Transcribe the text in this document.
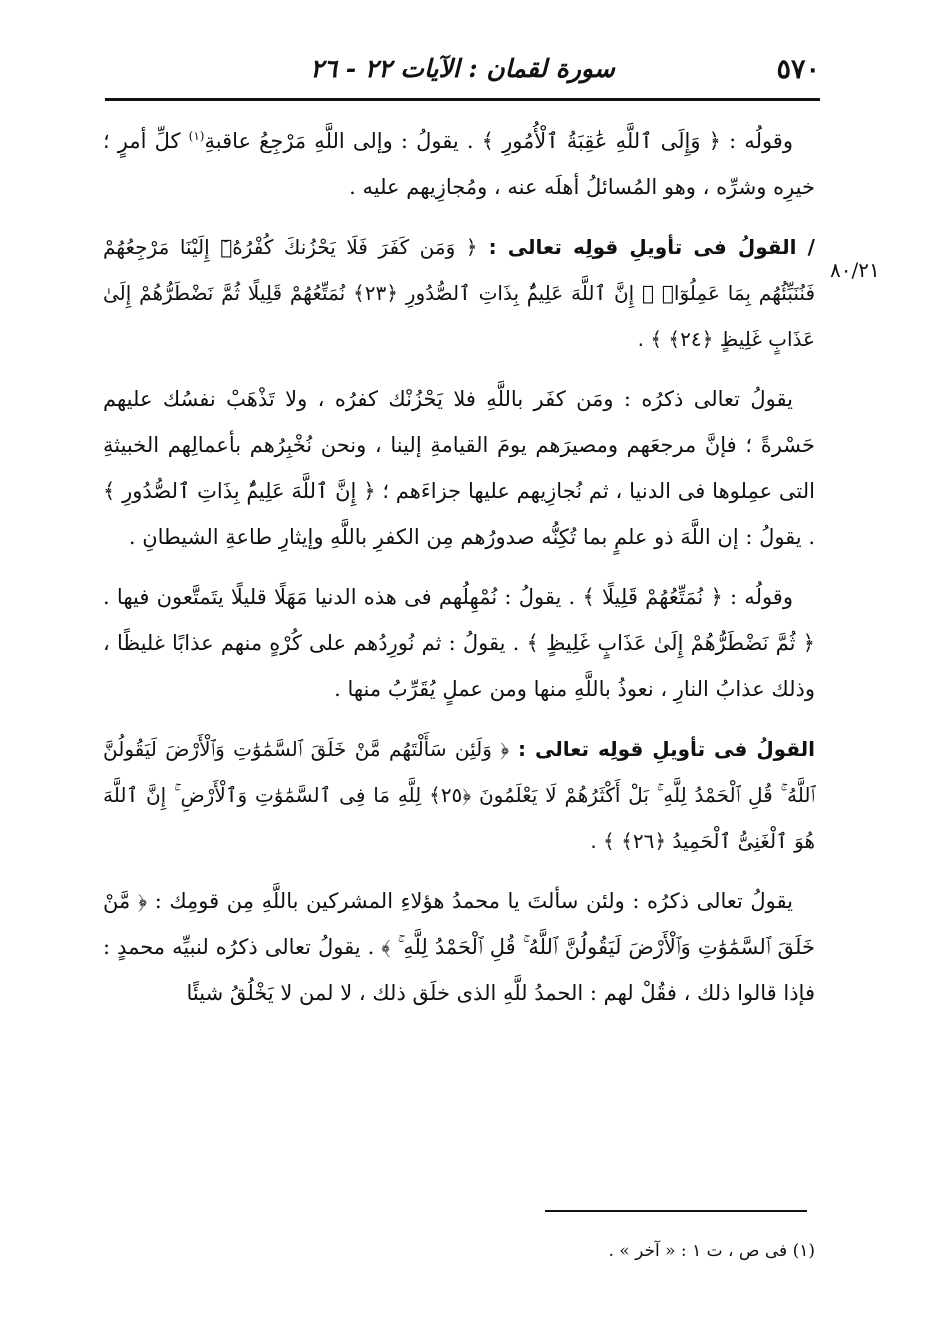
٥٧٠
سورة لقمان : الآيات ٢٢ - ٢٦
٨٠/٢١

وقولُه : ﴿ وَإِلَى ٱللَّهِ عَٰقِبَةُ ٱلْأُمُورِ ﴾ . يقولُ : وإلى اللَّهِ مَرْجِعُ عاقبةِ$^{(١)}$ كلِّ أمرٍ ؛ خيرِه وشرِّه ، وهو المُسائلُ أهلَه عنه ، ومُجازِيهم عليه .

/ القولُ فى تأويلِ قولِه تعالى : ﴿ وَمَن كَفَرَ فَلَا يَحْزُنكَ كُفْرُهُۥٓ إِلَيْنَا مَرْجِعُهُمْ فَنُنَبِّئُهُم بِمَا عَمِلُوٓا۟ ۚ إِنَّ ٱللَّهَ عَلِيمٌۢ بِذَاتِ ٱلصُّدُورِ ﴿٢٣﴾ نُمَتِّعُهُمْ قَلِيلًا ثُمَّ نَضْطَرُّهُمْ إِلَىٰ عَذَابٍ غَلِيظٍ ﴿٢٤﴾ ﴾ .

يقولُ تعالى ذكرُه : ومَن كفَر باللَّهِ فلا يَحْزُنْك كفرُه ، ولا تَذْهَبْ نفسُك عليهم حَسْرةً ؛ فإنَّ مرجعَهم ومصيرَهم يومَ القيامةِ إلينا ، ونحن نُخْبِرُهم بأعمالِهم الخبيثةِ التى عمِلوها فى الدنيا ، ثم نُجازِيهم عليها جزاءَهم ؛ ﴿ إِنَّ ٱللَّهَ عَلِيمٌۢ بِذَاتِ ٱلصُّدُورِ ﴾ . يقولُ : إن اللَّهَ ذو علمٍ بما تُكِنُّه صدورُهم مِن الكفرِ باللَّهِ وإيثارِ طاعةِ الشيطانِ .

وقولُه : ﴿ نُمَتِّعُهُمْ قَلِيلًا ﴾ . يقولُ : نُمْهِلُهم فى هذه الدنيا مَهَلًا قليلًا يتَمتَّعون فيها . ﴿ ثُمَّ نَضْطَرُّهُمْ إِلَىٰ عَذَابٍ غَلِيظٍ ﴾ . يقولُ : ثم نُورِدُهم على كُرْهٍ منهم عذابًا غليظًا ، وذلك عذابُ النارِ ، نعوذُ باللَّهِ منها ومن عملٍ يُقَرِّبُ منها .

القولُ فى تأويلِ قولِه تعالى : ﴿ وَلَئِن سَأَلْتَهُم مَّنْ خَلَقَ ٱلسَّمَٰوَٰتِ وَٱلْأَرْضَ لَيَقُولُنَّ ٱللَّهُ ۚ قُلِ ٱلْحَمْدُ لِلَّهِ ۚ بَلْ أَكْثَرُهُمْ لَا يَعْلَمُونَ ﴿٢٥﴾ لِلَّهِ مَا فِى ٱلسَّمَٰوَٰتِ وَٱلْأَرْضِ ۚ إِنَّ ٱللَّهَ هُوَ ٱلْغَنِىُّ ٱلْحَمِيدُ ﴿٢٦﴾ ﴾ .

يقولُ تعالى ذكرُه : ولئن سألتَ يا محمدُ هؤلاءِ المشركين باللَّهِ مِن قومِك : ﴿ مَّنْ خَلَقَ ٱلسَّمَٰوَٰتِ وَٱلْأَرْضَ لَيَقُولُنَّ ٱللَّهُ ۚ قُلِ ٱلْحَمْدُ لِلَّهِ ۚ ﴾ . يقولُ تعالى ذكرُه لنبيِّه محمدٍ : فإذا قالوا ذلك ، فقُلْ لهم : الحمدُ للَّهِ الذى خلَق ذلك ، لا لمن لا يَخْلُقُ شيئًا

(١) فى ص ، ت ١ : « آخر » .
